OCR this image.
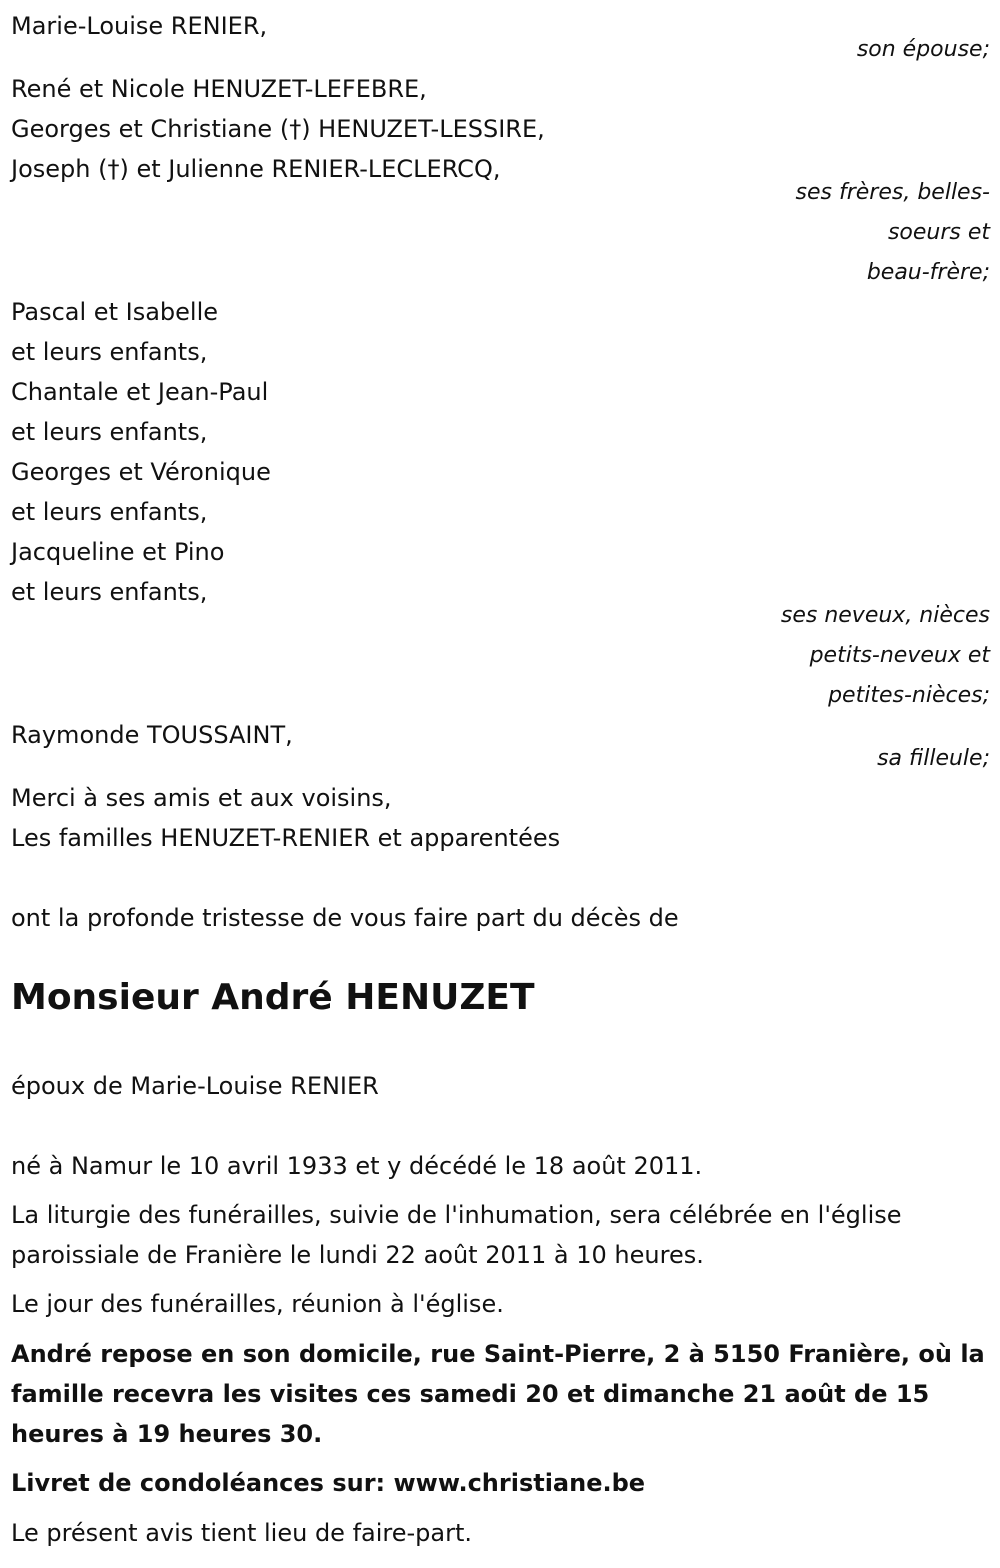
Marie-Louise RENIER,

son épouse;

René et Nicole HENUZET-LEFEBRE,

Georges et Christiane (†) HENUZET-LESSIRE,

Joseph (†) et Julienne RENIER-LECLERCQ,

ses frères, belles-

soeurs et

beau-frère;

Pascal et Isabelle

et leurs enfants,

Chantale et Jean-Paul

et leurs enfants,

Georges et Véronique

et leurs enfants,

Jacqueline et Pino

et leurs enfants,

ses neveux, nièces

petits-neveux et

petites-nièces;

Raymonde TOUSSAINT,

sa filleule;

Merci à ses amis et aux voisins,

Les familles HENUZET-RENIER et apparentées

ont la profonde tristesse de vous faire part du décès de

Monsieur André HENUZET

époux de Marie-Louise RENIER

né à Namur le 10 avril 1933 et y décédé le 18 août 2011.

La liturgie des funérailles, suivie de l'inhumation, sera célébrée en l'église

paroissiale de Franière le lundi 22 août 2011 à 10 heures.

Le jour des funérailles, réunion à l'église.

André repose en son domicile, rue Saint-Pierre, 2 à 5150 Franière, où la

famille recevra les visites ces samedi 20 et dimanche 21 août de 15

heures à 19 heures 30.

Livret de condoléances sur: www.christiane.be

Le présent avis tient lieu de faire-part.
